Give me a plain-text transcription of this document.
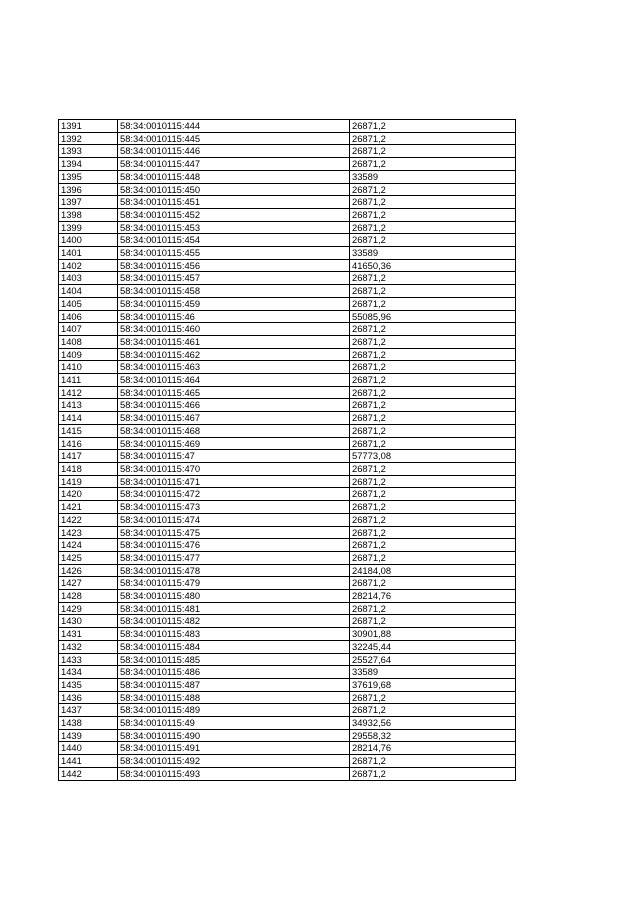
1391	58:34:0010115:444	26871,2
1392	58:34:0010115:445	26871,2
1393	58:34:0010115:446	26871,2
1394	58:34:0010115:447	26871,2
1395	58:34:0010115:448	33589
1396	58:34:0010115:450	26871,2
1397	58:34:0010115:451	26871,2
1398	58:34:0010115:452	26871,2
1399	58:34:0010115:453	26871,2
1400	58:34:0010115:454	26871,2
1401	58:34:0010115:455	33589
1402	58:34:0010115:456	41650,36
1403	58:34:0010115:457	26871,2
1404	58:34:0010115:458	26871,2
1405	58:34:0010115:459	26871,2
1406	58:34:0010115:46	55085,96
1407	58:34:0010115:460	26871,2
1408	58:34:0010115:461	26871,2
1409	58:34:0010115:462	26871,2
1410	58:34:0010115:463	26871,2
1411	58:34:0010115:464	26871,2
1412	58:34:0010115:465	26871,2
1413	58:34:0010115:466	26871,2
1414	58:34:0010115:467	26871,2
1415	58:34:0010115:468	26871,2
1416	58:34:0010115:469	26871,2
1417	58:34:0010115:47	57773,08
1418	58:34:0010115:470	26871,2
1419	58:34:0010115:471	26871,2
1420	58:34:0010115:472	26871,2
1421	58:34:0010115:473	26871,2
1422	58:34:0010115:474	26871,2
1423	58:34:0010115:475	26871,2
1424	58:34:0010115:476	26871,2
1425	58:34:0010115:477	26871,2
1426	58:34:0010115:478	24184,08
1427	58:34:0010115:479	26871,2
1428	58:34:0010115:480	28214,76
1429	58:34:0010115:481	26871,2
1430	58:34:0010115:482	26871,2
1431	58:34:0010115:483	30901,88
1432	58:34:0010115:484	32245,44
1433	58:34:0010115:485	25527,64
1434	58:34:0010115:486	33589
1435	58:34:0010115:487	37619,68
1436	58:34:0010115:488	26871,2
1437	58:34:0010115:489	26871,2
1438	58:34:0010115:49	34932,56
1439	58:34:0010115:490	29558,32
1440	58:34:0010115:491	28214,76
1441	58:34:0010115:492	26871,2
1442	58:34:0010115:493	26871,2
